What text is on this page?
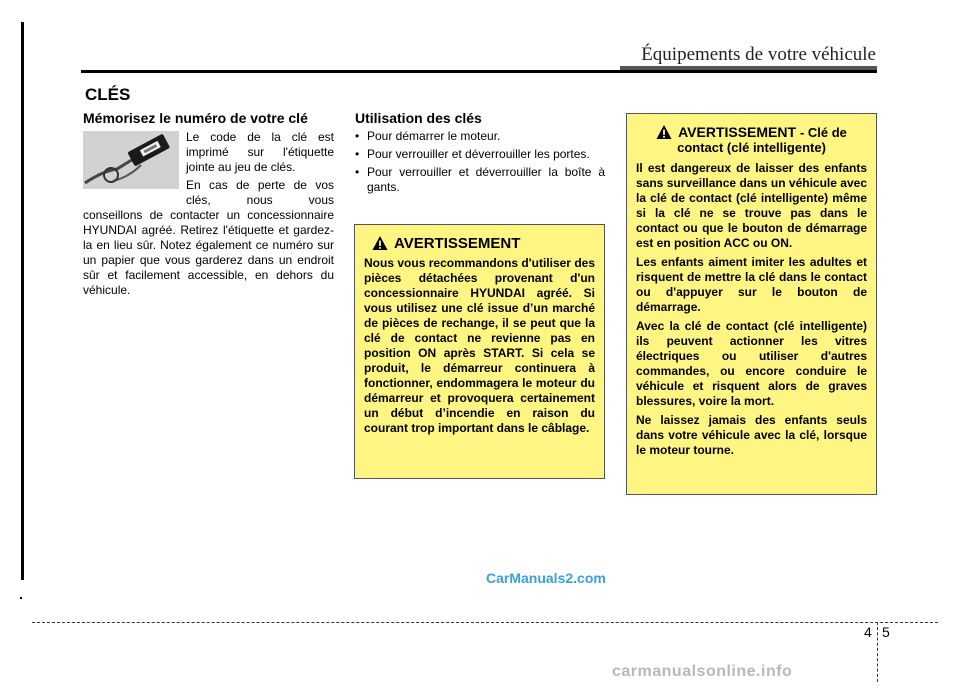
Équipements de votre véhicule
CLÉS
Mémorisez le numéro de votre clé
Le code de la clé est
imprimé sur l'étiquette
jointe au jeu de clés.
En cas de perte de vos
clés, nous vous
conseillons de contacter un concessionnaire HYUNDAI agréé. Retirez l'étiquette et gardez-la en lieu sûr. Notez également ce numéro sur un papier que vous garderez dans un endroit sûr et facilement accessible, en dehors du véhicule.
Utilisation des clés
• Pour démarrer le moteur.
• Pour verrouiller et déverrouiller les portes.
• Pour verrouiller et déverrouiller la boîte à gants.
AVERTISSEMENT

Nous vous recommandons d'utiliser des pièces détachées provenant d'un concessionnaire HYUNDAI agréé. Si vous utilisez une clé issue d’un marché de pièces de rechange, il se peut que la clé de contact ne revienne pas en position ON après START. Si cela se produit, le démarreur continuera à fonctionner, endommagera le moteur du démarreur et provoquera certainement un début d’incendie en raison du courant trop important dans le câblage.

AVERTISSEMENT - Clé de
contact (clé intelligente)

Il est dangereux de laisser des enfants sans surveillance dans un véhicule avec la clé de contact (clé intelligente) même si la clé ne se trouve pas dans le contact ou que le bouton de démarrage est en position ACC ou ON.

Les enfants aiment imiter les adultes et risquent de mettre la clé dans le contact ou d'appuyer sur le bouton de démarrage.

Avec la clé de contact (clé intelligente) ils peuvent actionner les vitres électriques ou utiliser d'autres commandes, ou encore conduire le véhicule et risquent alors de graves blessures, voire la mort.

Ne laissez jamais des enfants seuls dans votre véhicule avec la clé, lorsque le moteur tourne.

CarManuals2.com
carmanualsonline.info
4 5
